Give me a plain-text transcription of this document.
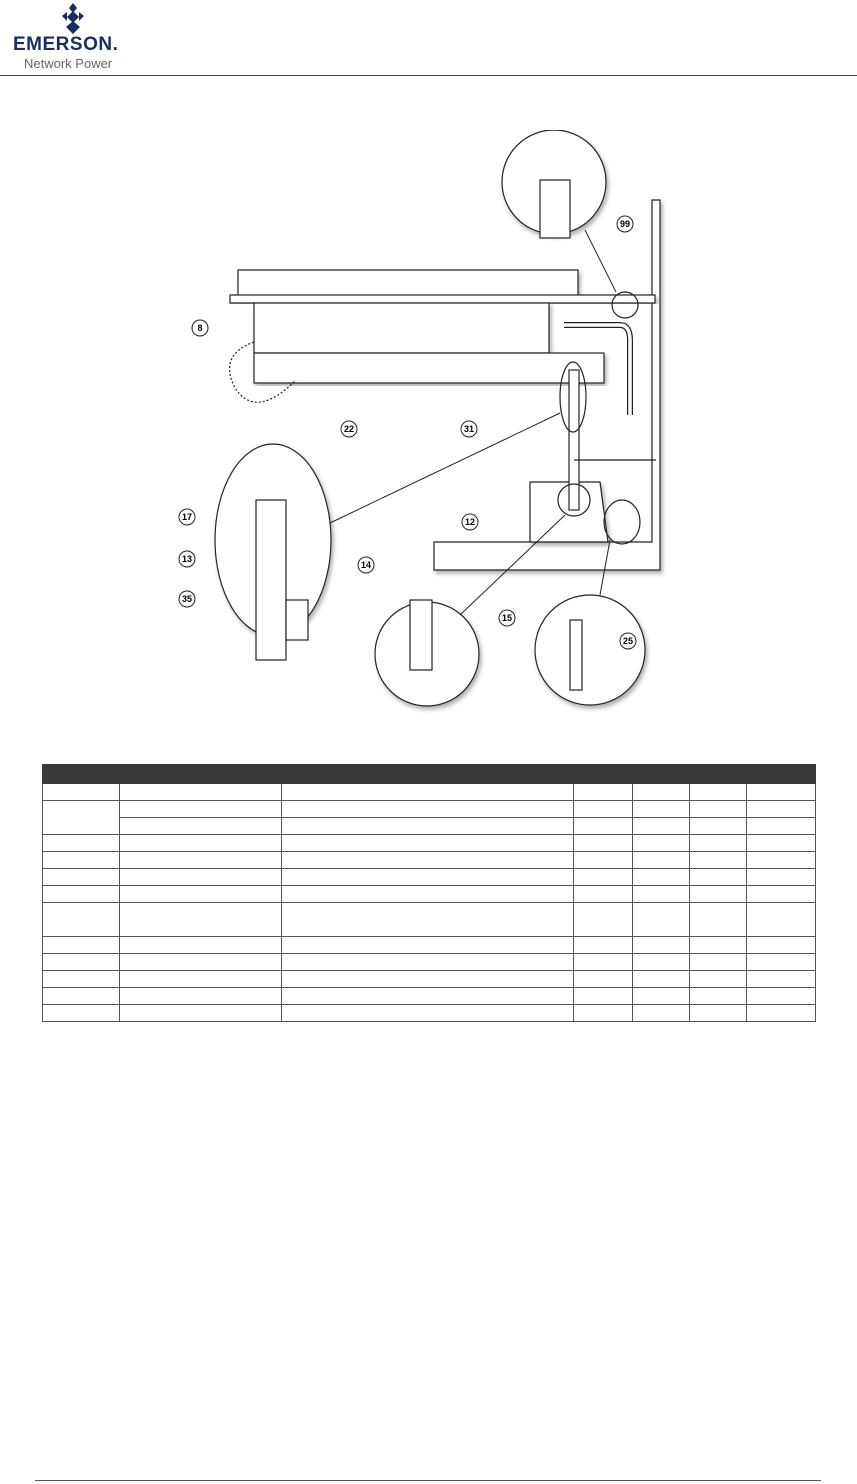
EMERSON.
Network Power
99
8
22	31
17
13
14
35
12
15
25
